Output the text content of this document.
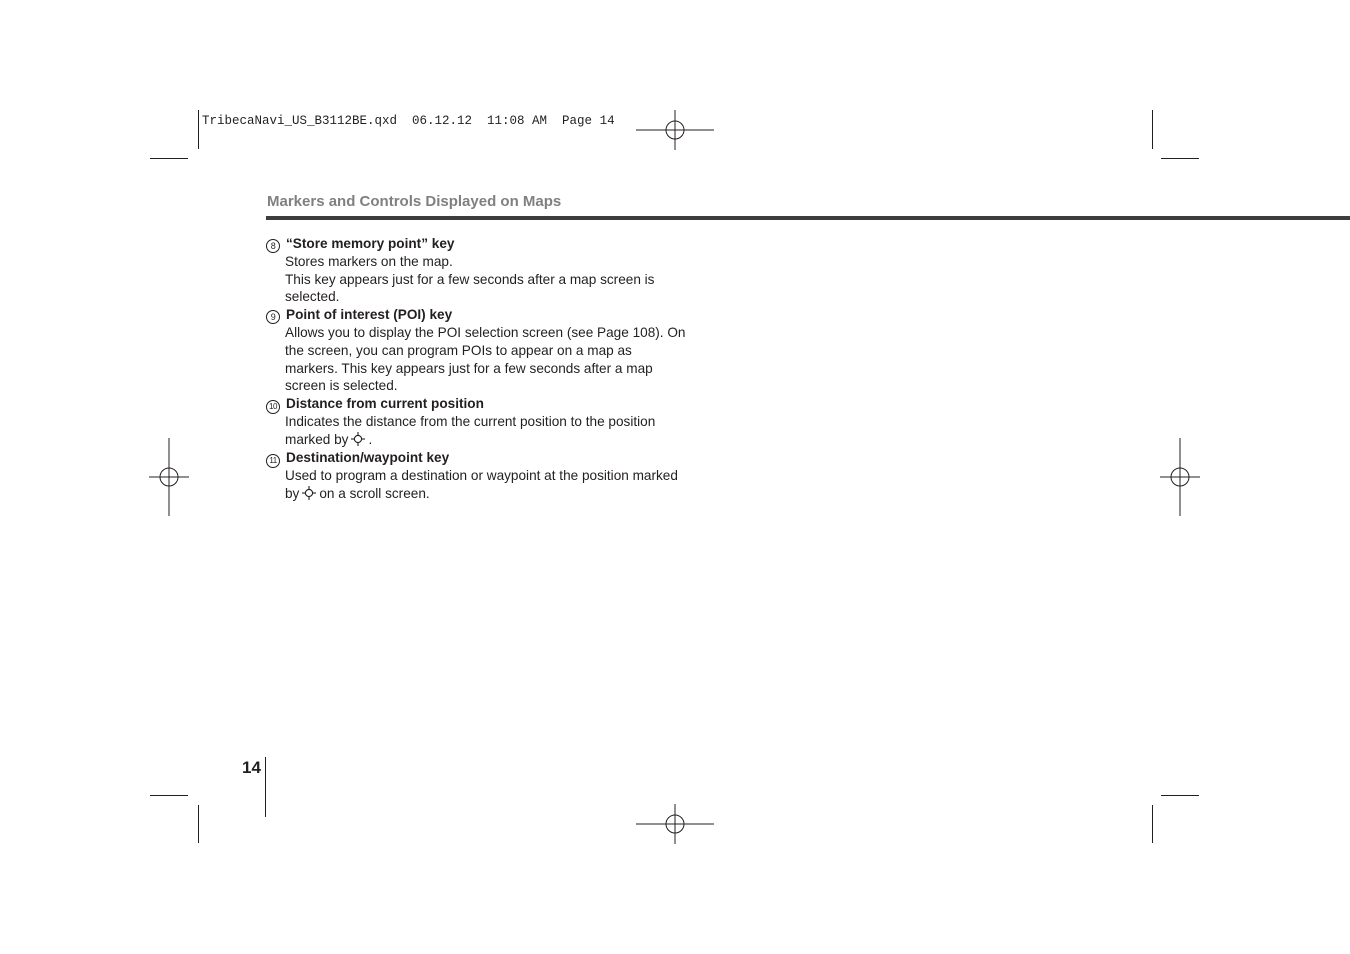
TribecaNavi_US_B3112BE.qxd  06.12.12  11:08 AM  Page 14
Markers and Controls Displayed on Maps
8 “Store memory point” key

Stores markers on the map.

This key appears just for a few seconds after a map screen is selected.

9 Point of interest (POI) key

Allows you to display the POI selection screen (see Page 108). On the screen, you can program POIs to appear on a map as markers. This key appears just for a few seconds after a map screen is selected.

10 Distance from current position

Indicates the distance from the current position to the position marked by .

11 Destination/waypoint key

Used to program a destination or waypoint at the position marked by on a scroll screen.

14
